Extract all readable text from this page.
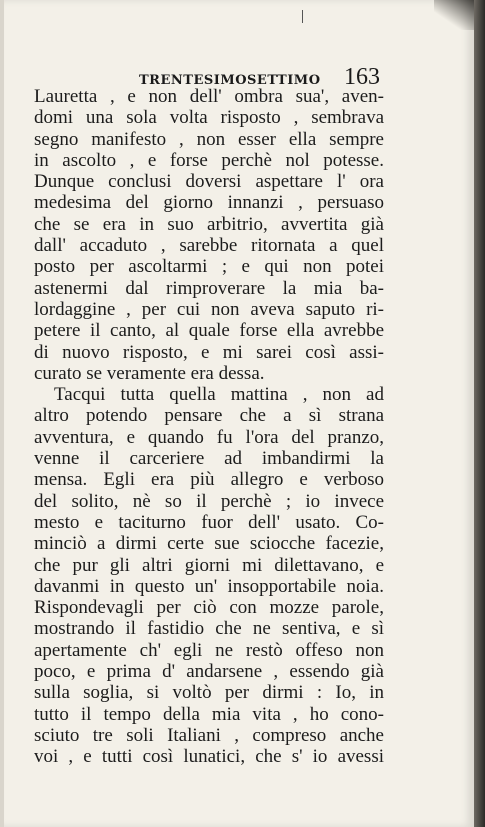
TRENTESIMOSETTIMO 163
Lauretta , e non dell' ombra sua', aven-
domi una sola volta risposto , sembrava
segno manifesto , non esser ella sempre
in ascolto , e forse perchè nol potesse.
Dunque conclusi doversi aspettare l' ora
medesima del giorno innanzi , persuaso
che se era in suo arbitrio, avvertita già
dall' accaduto , sarebbe ritornata a quel
posto per ascoltarmi ; e qui non potei
astenermi dal rimproverare la mia ba-
lordaggine , per cui non aveva saputo ri-
petere il canto, al quale forse ella avrebbe
di nuovo risposto, e mi sarei così assi-
curato se veramente era dessa.
Tacqui tutta quella mattina , non ad
altro potendo pensare che a sì strana
avventura, e quando fu l'ora del pranzo,
venne il carceriere ad imbandirmi la
mensa. Egli era più allegro e verboso
del solito, nè so il perchè ; io invece
mesto e taciturno fuor dell' usato. Co-
minciò a dirmi certe sue sciocche facezie,
che pur gli altri giorni mi dilettavano, e
davanmi in questo un' insopportabile noia.
Rispondevagli per ciò con mozze parole,
mostrando il fastidio che ne sentiva, e sì
apertamente ch' egli ne restò offeso non
poco, e prima d' andarsene , essendo già
sulla soglia, si voltò per dirmi : Io, in
tutto il tempo della mia vita , ho cono-
sciuto tre soli Italiani , compreso anche
voi , e tutti così lunatici, che s' io avessi
